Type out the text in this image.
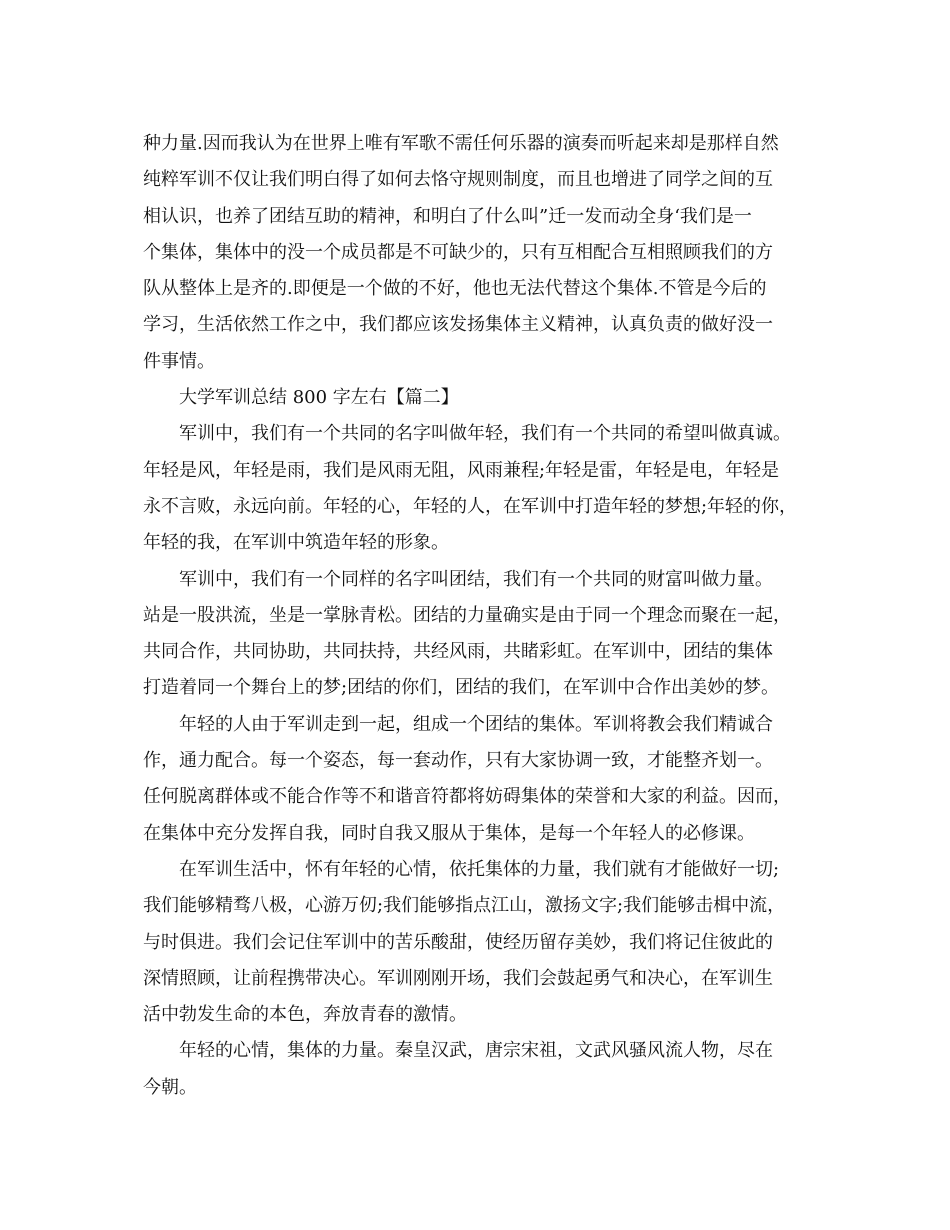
种力量.因而我认为在世界上唯有军歌不需任何乐器的演奏而听起来却是那样自然
纯粹军训不仅让我们明白得了如何去恪守规则制度，而且也增进了同学之间的互
相认识，也养了团结互助的精神，和明白了什么叫”迁一发而动全身‘我们是一
个集体，集体中的没一个成员都是不可缺少的，只有互相配合互相照顾我们的方
队从整体上是齐的.即便是一个做的不好，他也无法代替这个集体.不管是今后的
学习，生活依然工作之中，我们都应该发扬集体主义精神，认真负责的做好没一
件事情。
大学军训总结 800 字左右【篇二】
军训中，我们有一个共同的名字叫做年轻，我们有一个共同的希望叫做真诚。
年轻是风，年轻是雨，我们是风雨无阻，风雨兼程;年轻是雷，年轻是电，年轻是
永不言败，永远向前。年轻的心，年轻的人，在军训中打造年轻的梦想;年轻的你，
年轻的我，在军训中筑造年轻的形象。
军训中，我们有一个同样的名字叫团结，我们有一个共同的财富叫做力量。
站是一股洪流，坐是一掌脉青松。团结的力量确实是由于同一个理念而聚在一起，
共同合作，共同协助，共同扶持，共经风雨，共睹彩虹。在军训中，团结的集体
打造着同一个舞台上的梦;团结的你们，团结的我们，在军训中合作出美妙的梦。
年轻的人由于军训走到一起，组成一个团结的集体。军训将教会我们精诚合
作，通力配合。每一个姿态，每一套动作，只有大家协调一致，才能整齐划一。
任何脱离群体或不能合作等不和谐音符都将妨碍集体的荣誉和大家的利益。因而，
在集体中充分发挥自我，同时自我又服从于集体，是每一个年轻人的必修课。
在军训生活中，怀有年轻的心情，依托集体的力量，我们就有才能做好一切;
我们能够精骛八极，心游万仞;我们能够指点江山，激扬文字;我们能够击楫中流，
与时俱进。我们会记住军训中的苦乐酸甜，使经历留存美妙，我们将记住彼此的
深情照顾，让前程携带决心。军训刚刚开场，我们会鼓起勇气和决心，在军训生
活中勃发生命的本色，奔放青春的激情。
年轻的心情，集体的力量。秦皇汉武，唐宗宋祖，文武风骚风流人物，尽在
今朝。
